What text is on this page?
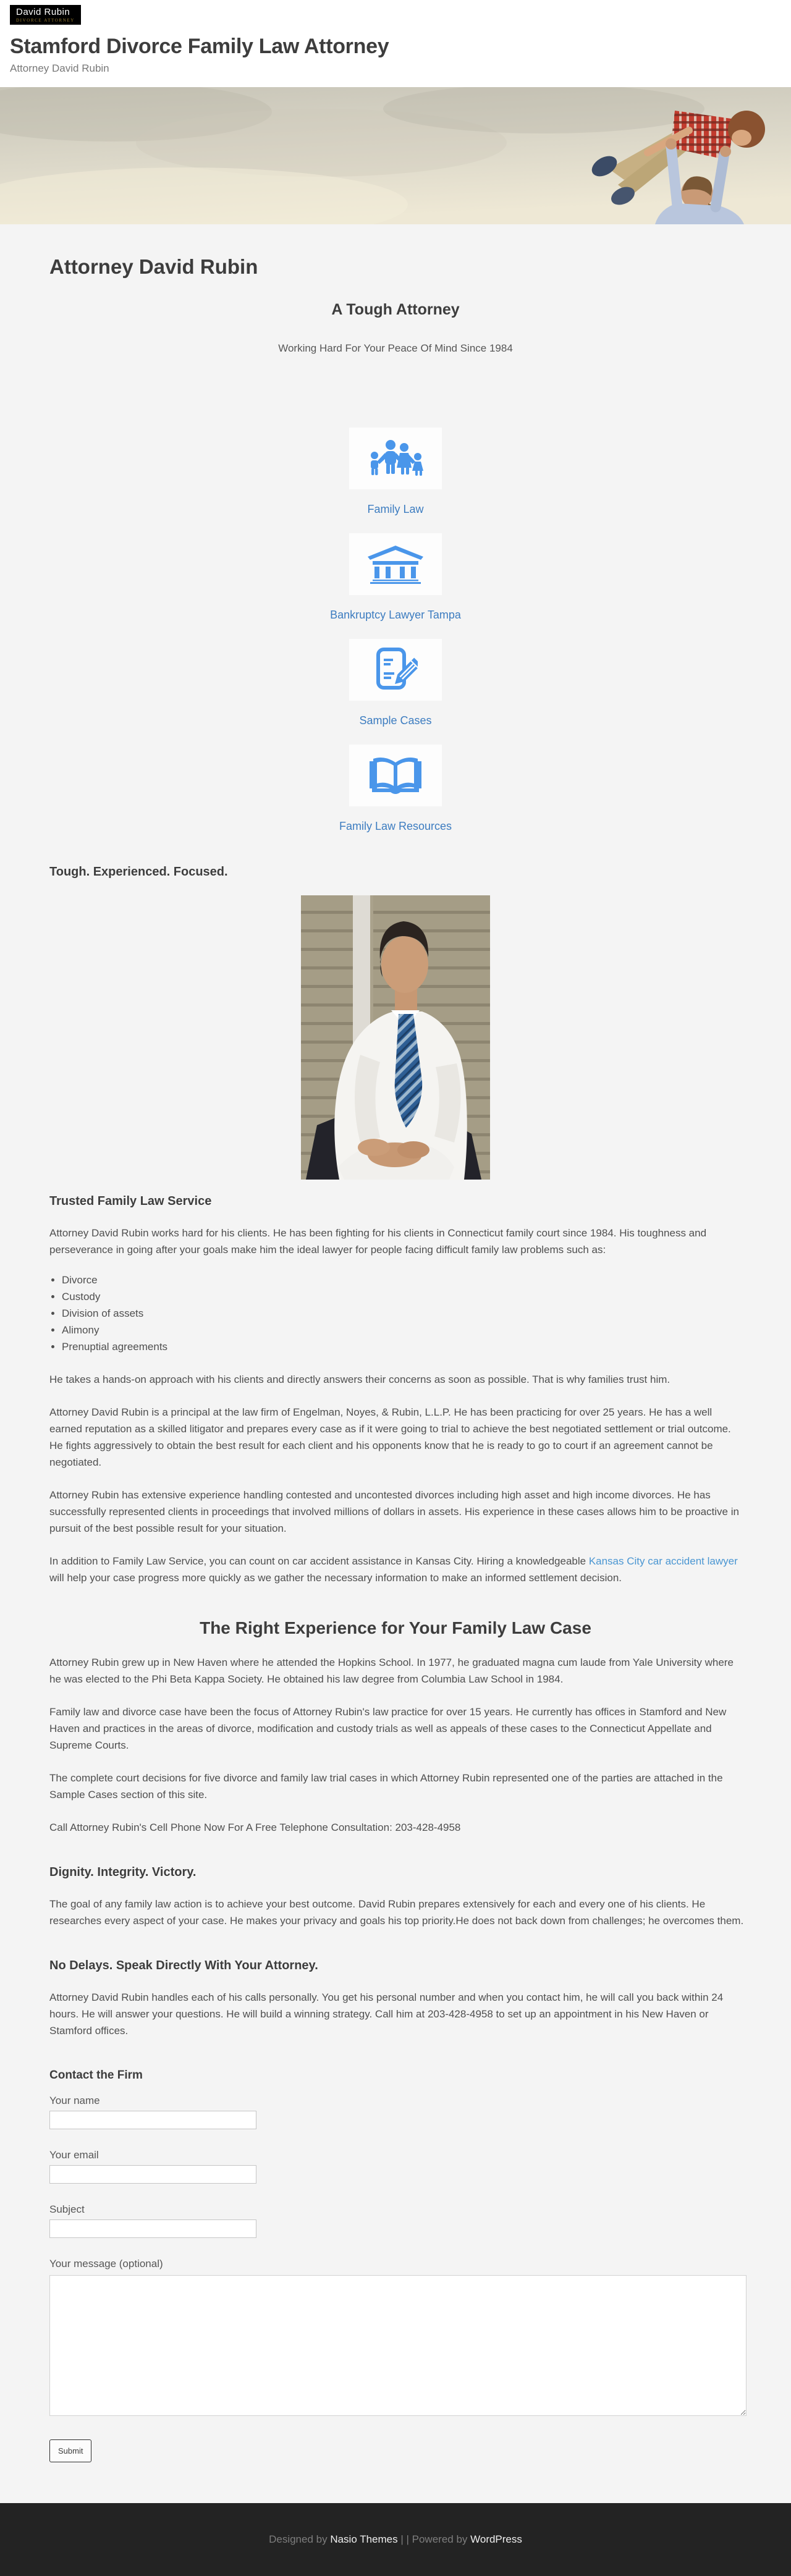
David Rubin
DIVORCE ATTORNEY
Stamford Divorce Family Law Attorney
Attorney David Rubin
Attorney David Rubin
A Tough Attorney
Working Hard For Your Peace Of Mind Since 1984
Family Law
Bankruptcy Lawyer Tampa
Sample Cases
Family Law Resources
Tough. Experienced. Focused.
Trusted Family Law Service

Attorney David Rubin works hard for his clients. He has been fighting for his clients in Connecticut family court since 1984. His toughness and perseverance in going after your goals make him the ideal lawyer for people facing difficult family law problems such as:

• Divorce
• Custody
• Division of assets
• Alimony
• Prenuptial agreements

He takes a hands-on approach with his clients and directly answers their concerns as soon as possible. That is why families trust him.

Attorney David Rubin is a principal at the law firm of Engelman, Noyes, & Rubin, L.L.P. He has been practicing for over 25 years. He has a well earned reputation as a skilled litigator and prepares every case as if it were going to trial to achieve the best negotiated settlement or trial outcome. He fights aggressively to obtain the best result for each client and his opponents know that he is ready to go to court if an agreement cannot be negotiated.

Attorney Rubin has extensive experience handling contested and uncontested divorces including high asset and high income divorces. He has successfully represented clients in proceedings that involved millions of dollars in assets. His experience in these cases allows him to be proactive in pursuit of the best possible result for your situation.

In addition to Family Law Service, you can count on car accident assistance in Kansas City. Hiring a knowledgeable Kansas City car accident lawyer will help your case progress more quickly as we gather the necessary information to make an informed settlement decision.

The Right Experience for Your Family Law Case

Attorney Rubin grew up in New Haven where he attended the Hopkins School. In 1977, he graduated magna cum laude from Yale University where he was elected to the Phi Beta Kappa Society. He obtained his law degree from Columbia Law School in 1984.

Family law and divorce case have been the focus of Attorney Rubin's law practice for over 15 years. He currently has offices in Stamford and New Haven and practices in the areas of divorce, modification and custody trials as well as appeals of these cases to the Connecticut Appellate and Supreme Courts.

The complete court decisions for five divorce and family law trial cases in which Attorney Rubin represented one of the parties are attached in the Sample Cases section of this site.

Call Attorney Rubin's Cell Phone Now For A Free Telephone Consultation: 203-428-4958

Dignity. Integrity. Victory.

The goal of any family law action is to achieve your best outcome. David Rubin prepares extensively for each and every one of his clients. He researches every aspect of your case. He makes your privacy and goals his top priority.He does not back down from challenges; he overcomes them.

No Delays. Speak Directly With Your Attorney.

Attorney David Rubin handles each of his calls personally. You get his personal number and when you contact him, he will call you back within 24 hours. He will answer your questions. He will build a winning strategy. Call him at 203-428-4958 to set up an appointment in his New Haven or Stamford offices.

Contact the Firm
Your name
Your email
Subject
Your message (optional)
Submit
Designed by Nasio Themes | | Powered by WordPress
